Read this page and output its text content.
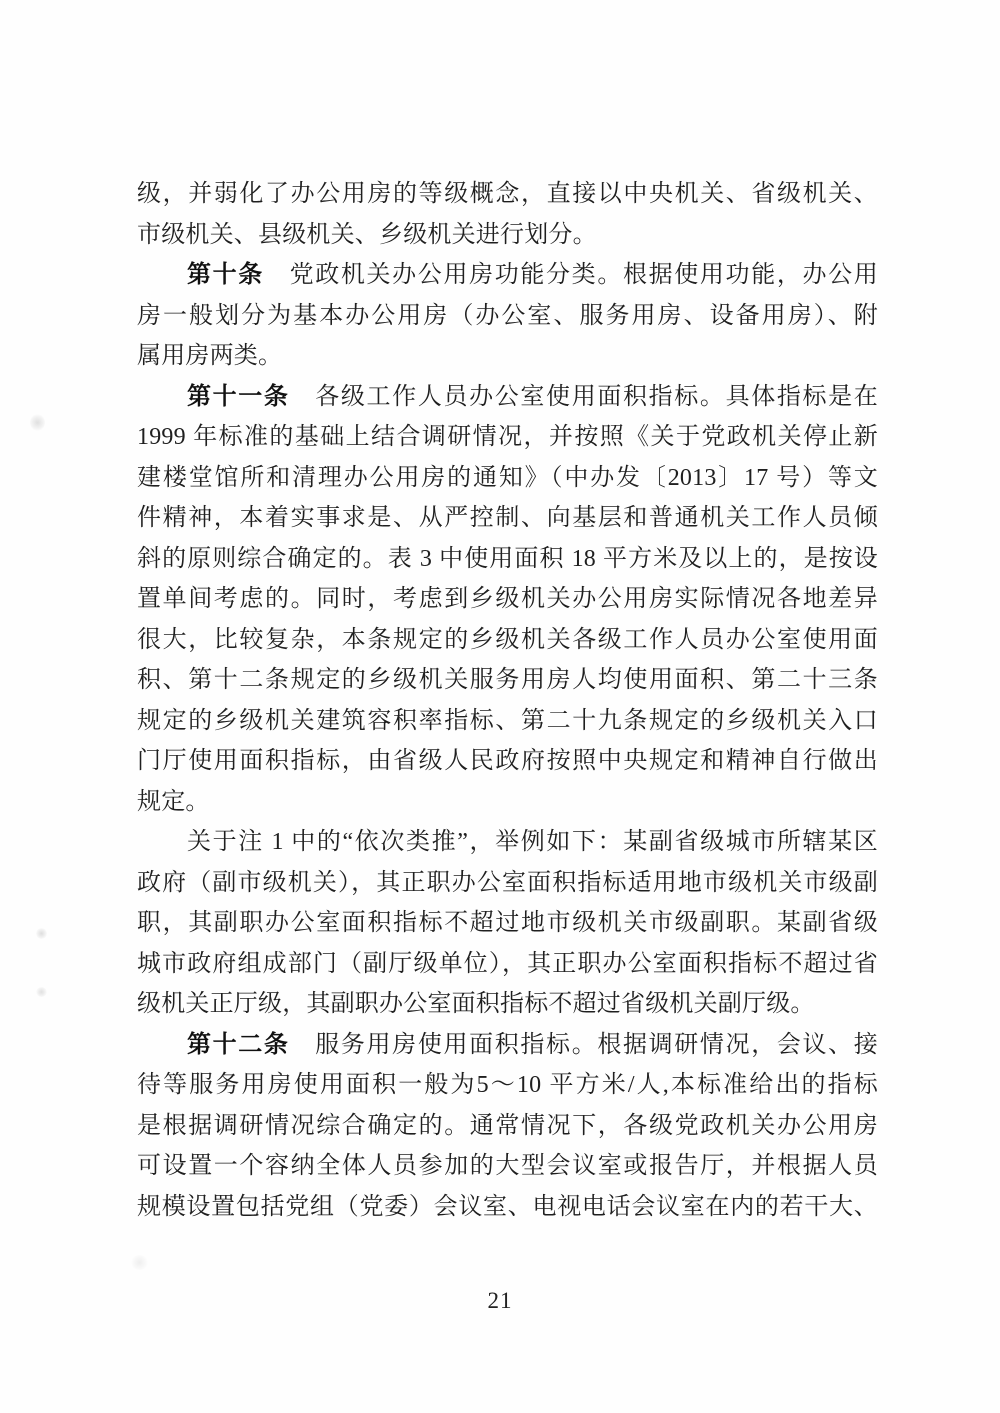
级，并弱化了办公用房的等级概念，直接以中央机关、省级机关、
市级机关、县级机关、乡级机关进行划分。
第十条　党政机关办公用房功能分类。根据使用功能，办公用
房一般划分为基本办公用房（办公室、服务用房、设备用房）、附
属用房两类。
第十一条　各级工作人员办公室使用面积指标。具体指标是在
1999 年标准的基础上结合调研情况，并按照《关于党政机关停止新
建楼堂馆所和清理办公用房的通知》（中办发〔2013〕17 号）等文
件精神，本着实事求是、从严控制、向基层和普通机关工作人员倾
斜的原则综合确定的。表 3 中使用面积 18 平方米及以上的，是按设
置单间考虑的。同时，考虑到乡级机关办公用房实际情况各地差异
很大，比较复杂，本条规定的乡级机关各级工作人员办公室使用面
积、第十二条规定的乡级机关服务用房人均使用面积、第二十三条
规定的乡级机关建筑容积率指标、第二十九条规定的乡级机关入口
门厅使用面积指标，由省级人民政府按照中央规定和精神自行做出
规定。
关于注 1 中的“依次类推”，举例如下：某副省级城市所辖某区
政府（副市级机关），其正职办公室面积指标适用地市级机关市级副
职，其副职办公室面积指标不超过地市级机关市级副职。某副省级
城市政府组成部门（副厅级单位），其正职办公室面积指标不超过省
级机关正厅级，其副职办公室面积指标不超过省级机关副厅级。
第十二条　服务用房使用面积指标。根据调研情况，会议、接
待等服务用房使用面积一般为5～10 平方米/人,本标准给出的指标
是根据调研情况综合确定的。通常情况下，各级党政机关办公用房
可设置一个容纳全体人员参加的大型会议室或报告厅，并根据人员
规模设置包括党组（党委）会议室、电视电话会议室在内的若干大、
21
